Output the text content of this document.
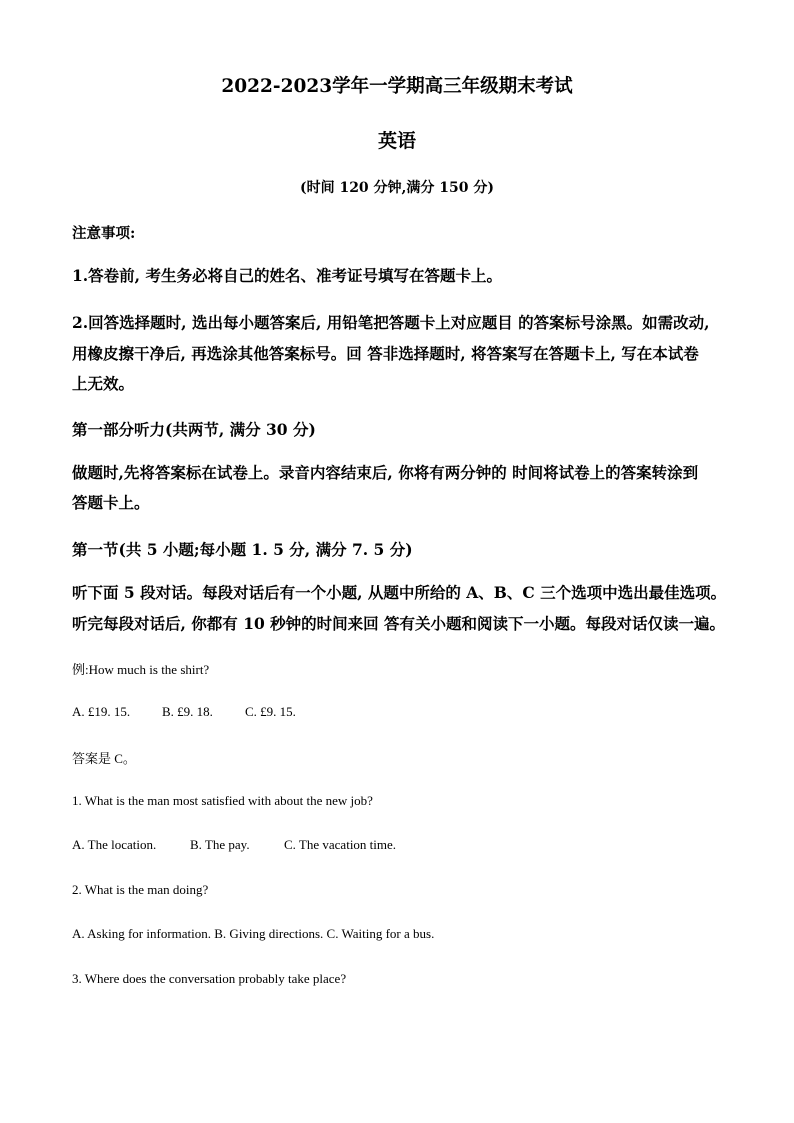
2022-2023学年一学期高三年级期末考试

英语

(时间 120 分钟,满分 150 分)

注意事项:

1.答卷前, 考生务必将自己的姓名、准考证号填写在答题卡上。

2.回答选择题时, 选出每小题答案后, 用铅笔把答题卡上对应题目 的答案标号涂黑。如需改动,

用橡皮擦干净后, 再选涂其他答案标号。回 答非选择题时, 将答案写在答题卡上, 写在本试卷

上无效。

第一部分听力(共两节, 满分 30 分)

做题时,先将答案标在试卷上。录音内容结束后, 你将有两分钟的 时间将试卷上的答案转涂到

答题卡上。

第一节(共 5 小题;每小题 1. 5 分, 满分 7. 5 分)

听下面 5 段对话。每段对话后有一个小题, 从题中所给的 A、B、C 三个选项中选出最佳选项。

听完每段对话后, 你都有 10 秒钟的时间来回 答有关小题和阅读下一小题。每段对话仅读一遍。

例:How much is the shirt?

A. £19. 15. B. £9. 18. C. £9. 15.

答案是 C。

1. What is the man most satisfied with about the new job?

A. The location.	B. The pay.	C. The vacation time.

2. What is the man doing?

A. Asking for information. B. Giving directions. C. Waiting for a bus.

3. Where does the conversation probably take place?
